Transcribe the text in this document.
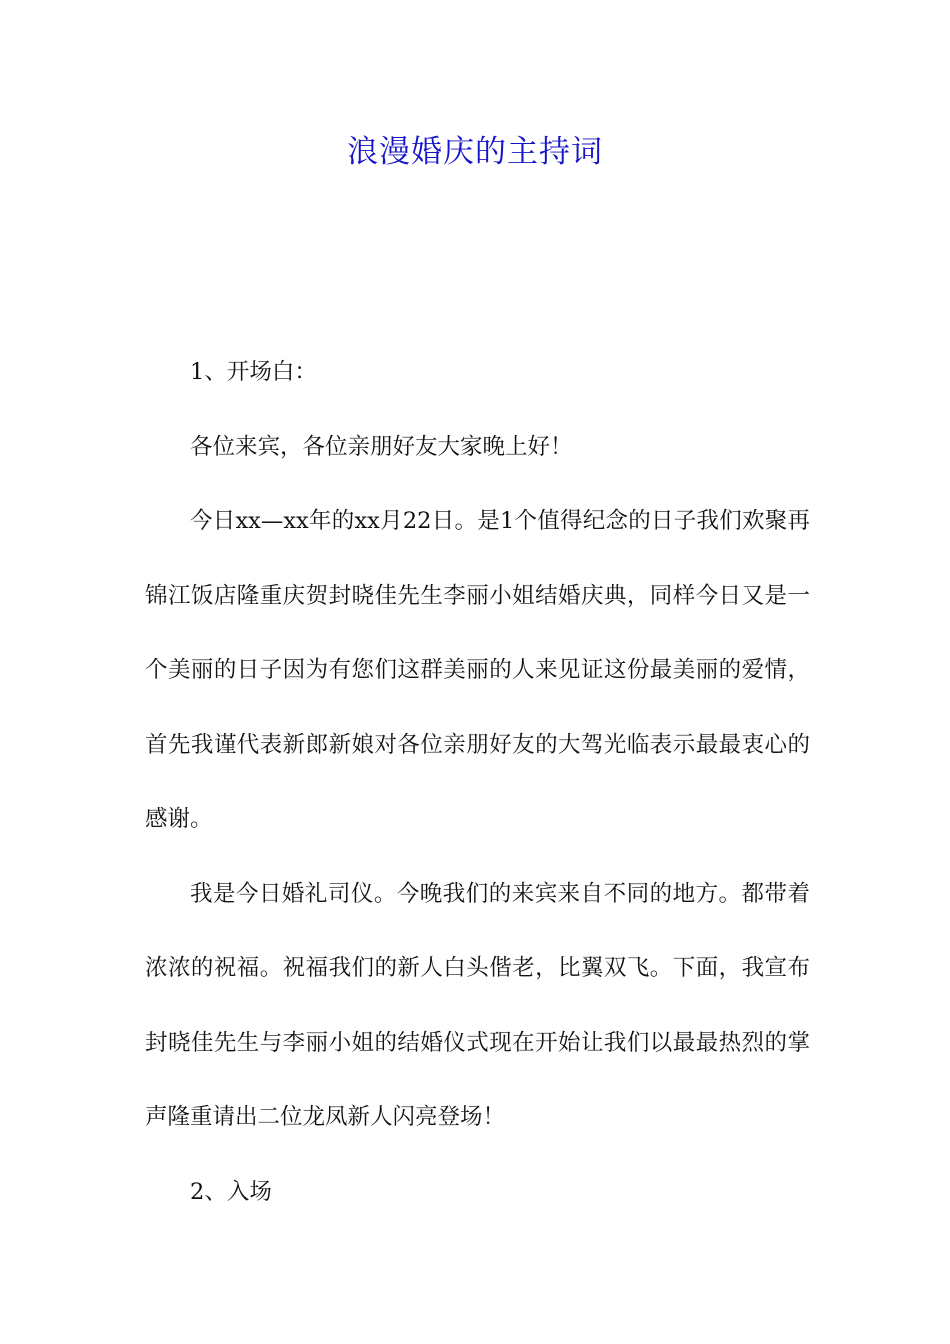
浪漫婚庆的主持词

1、开场白：

各位来宾，各位亲朋好友大家晚上好！

今日xx—xx年的xx月22日。是1个值得纪念的日子我们欢聚再锦江饭店隆重庆贺封晓佳先生李丽小姐结婚庆典，同样今日又是一个美丽的日子因为有您们这群美丽的人来见证这份最美丽的爱情，首先我谨代表新郎新娘对各位亲朋好友的大驾光临表示最最衷心的感谢。

我是今日婚礼司仪。今晚我们的来宾来自不同的地方。都带着浓浓的祝福。祝福我们的新人白头偕老，比翼双飞。下面，我宣布 封晓佳先生与李丽小姐的结婚仪式现在开始让我们以最最热烈的掌声隆重请出二位龙凤新人闪亮登场！

2、入场
